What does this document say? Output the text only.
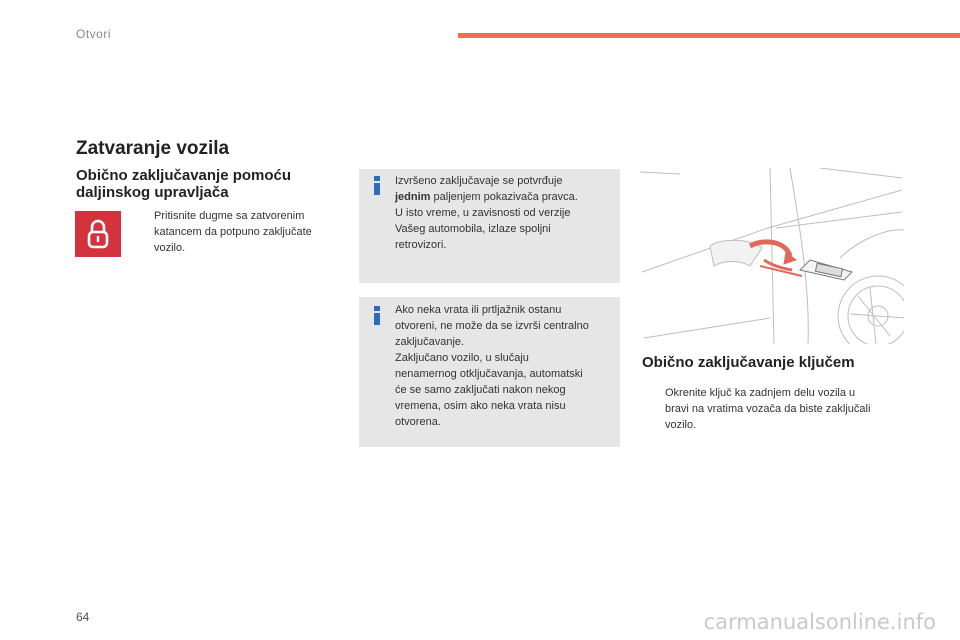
Otvori
Zatvaranje vozila
Obično zaključavanje pomoću
daljinskog upravljača
Pritisnite dugme sa zatvorenim
katancem da potpuno zaključate
vozilo.
Izvršeno zaključavaje se potvrđuje
jednim paljenjem pokazivača pravca.
U isto vreme, u zavisnosti od verzije
Vašeg automobila, izlaze spoljni
retrovizori.
Ako neka vrata ili prtljažnik ostanu
otvoreni, ne može da se izvrši centralno
zaključavanje.
Zaključano vozilo, u slučaju
nenamernog otključavanja, automatski
će se samo zaključati nakon nekog
vremena, osim ako neka vrata nisu
otvorena.
Obično zaključavanje ključem
Okrenite ključ ka zadnjem delu vozila u
bravi na vratima vozača da biste zaključali
vozilo.
64	carmanualsonline.info
